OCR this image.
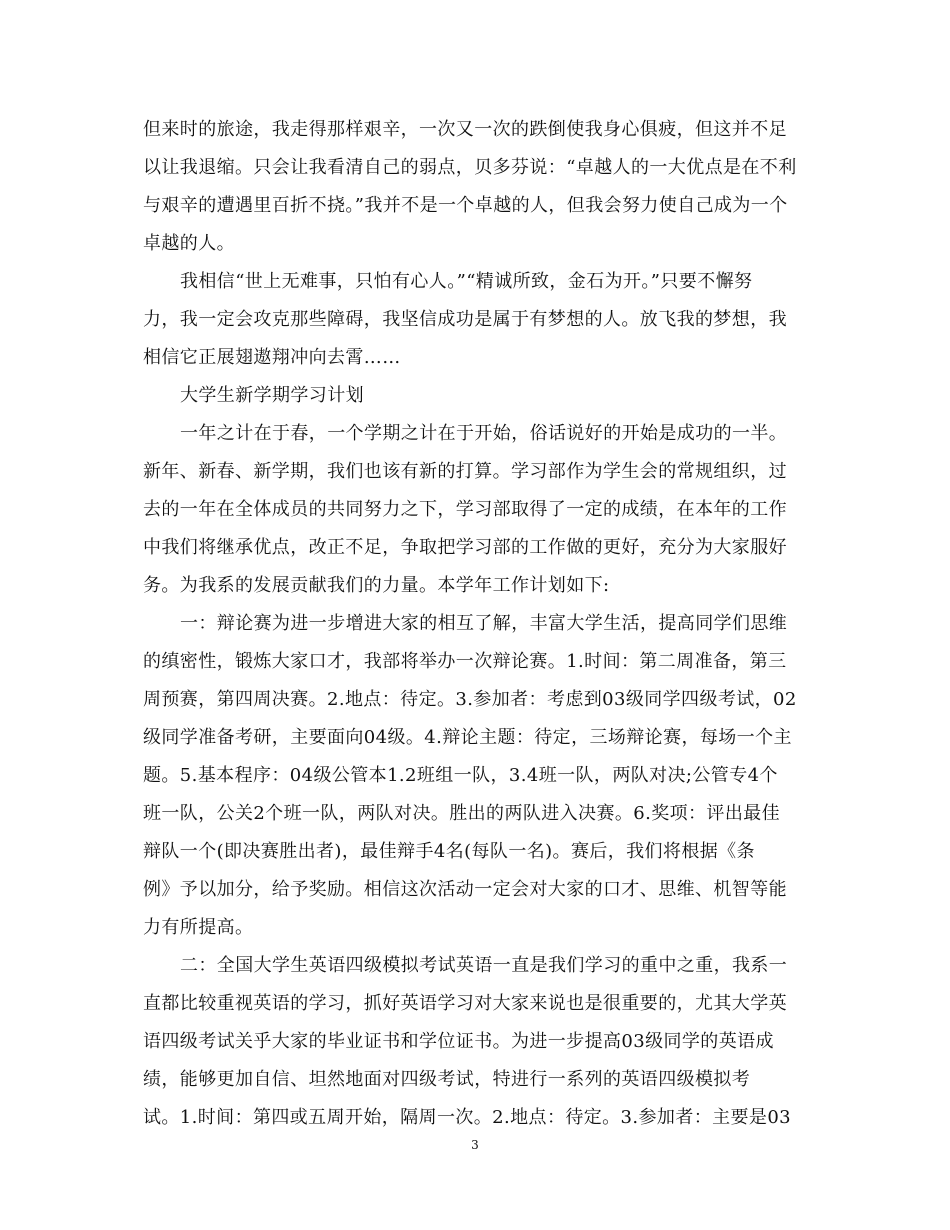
但来时的旅途，我走得那样艰辛，一次又一次的跌倒使我身心俱疲，但这并不足
以让我退缩。只会让我看清自己的弱点，贝多芬说：“卓越人的一大优点是在不利
与艰辛的遭遇里百折不挠。”我并不是一个卓越的人，但我会努力使自己成为一个
卓越的人。
我相信“世上无难事，只怕有心人。”“精诚所致，金石为开。”只要不懈努
力，我一定会攻克那些障碍，我坚信成功是属于有梦想的人。放飞我的梦想，我
相信它正展翅遨翔冲向去霄……
大学生新学期学习计划
一年之计在于春，一个学期之计在于开始，俗话说好的开始是成功的一半。
新年、新春、新学期，我们也该有新的打算。学习部作为学生会的常规组织，过
去的一年在全体成员的共同努力之下，学习部取得了一定的成绩，在本年的工作
中我们将继承优点，改正不足，争取把学习部的工作做的更好，充分为大家服好
务。为我系的发展贡献我们的力量。本学年工作计划如下:
一：辩论赛为进一步增进大家的相互了解，丰富大学生活，提高同学们思维
的缜密性，锻炼大家口才，我部将举办一次辩论赛。1.时间：第二周准备，第三
周预赛，第四周决赛。2.地点：待定。3.参加者：考虑到03级同学四级考试，02
级同学准备考研，主要面向04级。4.辩论主题：待定，三场辩论赛，每场一个主
题。5.基本程序：04级公管本1.2班组一队，3.4班一队，两队对决;公管专4个
班一队，公关2个班一队，两队对决。胜出的两队进入决赛。6.奖项：评出最佳
辩队一个(即决赛胜出者)，最佳辩手4名(每队一名)。赛后，我们将根据《条
例》予以加分，给予奖励。相信这次活动一定会对大家的口才、思维、机智等能
力有所提高。
二：全国大学生英语四级模拟考试英语一直是我们学习的重中之重，我系一
直都比较重视英语的学习，抓好英语学习对大家来说也是很重要的，尤其大学英
语四级考试关乎大家的毕业证书和学位证书。为进一步提高03级同学的英语成
绩，能够更加自信、坦然地面对四级考试，特进行一系列的英语四级模拟考
试。1.时间：第四或五周开始，隔周一次。2.地点：待定。3.参加者：主要是03
3
